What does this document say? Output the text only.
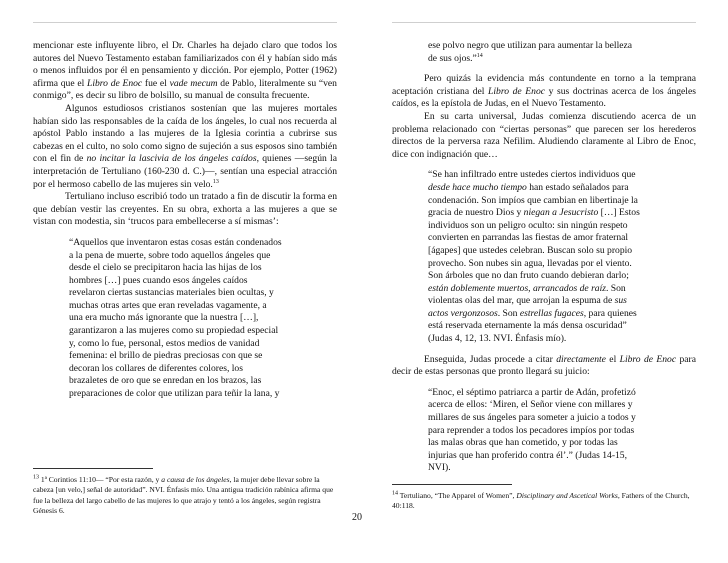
mencionar este influyente libro, el Dr. Charles ha dejado claro que todos los autores del Nuevo Testamento estaban familiarizados con él y habían sido más o menos influidos por él en pensamiento y dicción. Por ejemplo, Potter (1962) afirma que el Libro de Enoc fue el vade mecum de Pablo, literalmente su “ven conmigo”, es decir su libro de bolsillo, su manual de consulta frecuente.

Algunos estudiosos cristianos sostenían que las mujeres mortales habían sido las responsables de la caída de los ángeles, lo cual nos recuerda al apóstol Pablo instando a las mujeres de la Iglesia corintia a cubrirse sus cabezas en el culto, no solo como signo de sujeción a sus esposos sino también con el fin de no incitar la lascivia de los ángeles caídos, quienes —según la interpretación de Tertuliano (160-230 d. C.)—, sentían una especial atracción por el hermoso cabello de las mujeres sin velo.$^{13}$

Tertuliano incluso escribió todo un tratado a fin de discutir la forma en que debían vestir las creyentes. En su obra, exhorta a las mujeres a que se vistan con modestia, sin ‘trucos para embellecerse a sí mismas’:

“Aquellos que inventaron estas cosas están condenados
a la pena de muerte, sobre todo aquellos ángeles que
desde el cielo se precipitaron hacia las hijas de los
hombres […] pues cuando esos ángeles caídos
revelaron ciertas sustancias materiales bien ocultas, y
muchas otras artes que eran reveladas vagamente, a
una era mucho más ignorante que la nuestra […],
garantizaron a las mujeres como su propiedad especial
y, como lo fue, personal, estos medios de vanidad
femenina: el brillo de piedras preciosas con que se
decoran los collares de diferentes colores, los
brazaletes de oro que se enredan en los brazos, las
preparaciones de color que utilizan para teñir la lana, y

$^{13}$ 1ª Corintios 11:10— “Por esta razón, y a causa de los ángeles, la mujer debe llevar sobre la cabeza [un velo,] señal de autoridad”. NVI. Énfasis mío. Una antigua tradición rabínica afirma que fue la belleza del largo cabello de las mujeres lo que atrajo y tentó a los ángeles, según registra Génesis 6.

ese polvo negro que utilizan para aumentar la belleza
de sus ojos.”$^{14}$

Pero quizás la evidencia más contundente en torno a la temprana aceptación cristiana del Libro de Enoc y sus doctrinas acerca de los ángeles caídos, es la epístola de Judas, en el Nuevo Testamento.

En su carta universal, Judas comienza discutiendo acerca de un problema relacionado con “ciertas personas” que parecen ser los herederos directos de la perversa raza Nefilim. Aludiendo claramente al Libro de Enoc, dice con indignación que…

“Se han infiltrado entre ustedes ciertos individuos que
desde hace mucho tiempo han estado señalados para
condenación. Son impíos que cambian en libertinaje la
gracia de nuestro Dios y niegan a Jesucristo […] Estos
individuos son un peligro oculto: sin ningún respeto
convierten en parrandas las fiestas de amor fraternal
[ágapes] que ustedes celebran. Buscan solo su propio
provecho. Son nubes sin agua, llevadas por el viento.
Son árboles que no dan fruto cuando debieran darlo;
están doblemente muertos, arrancados de raíz. Son
violentas olas del mar, que arrojan la espuma de sus
actos vergonzosos. Son estrellas fugaces, para quienes
está reservada eternamente la más densa oscuridad”
(Judas 4, 12, 13. NVI. Énfasis mío).

Enseguida, Judas procede a citar directamente el Libro de Enoc para decir de estas personas que pronto llegará su juicio:

“Enoc, el séptimo patriarca a partir de Adán, profetizó
acerca de ellos: ‘Miren, el Señor viene con millares y
millares de sus ángeles para someter a juicio a todos y
para reprender a todos los pecadores impíos por todas
las malas obras que han cometido, y por todas las
injurias que han proferido contra él’.” (Judas 14-15,
NVI).

$^{14}$ Tertuliano, “The Apparel of Women”, Disciplinary and Ascetical Works, Fathers of the Church, 40:118.

20
